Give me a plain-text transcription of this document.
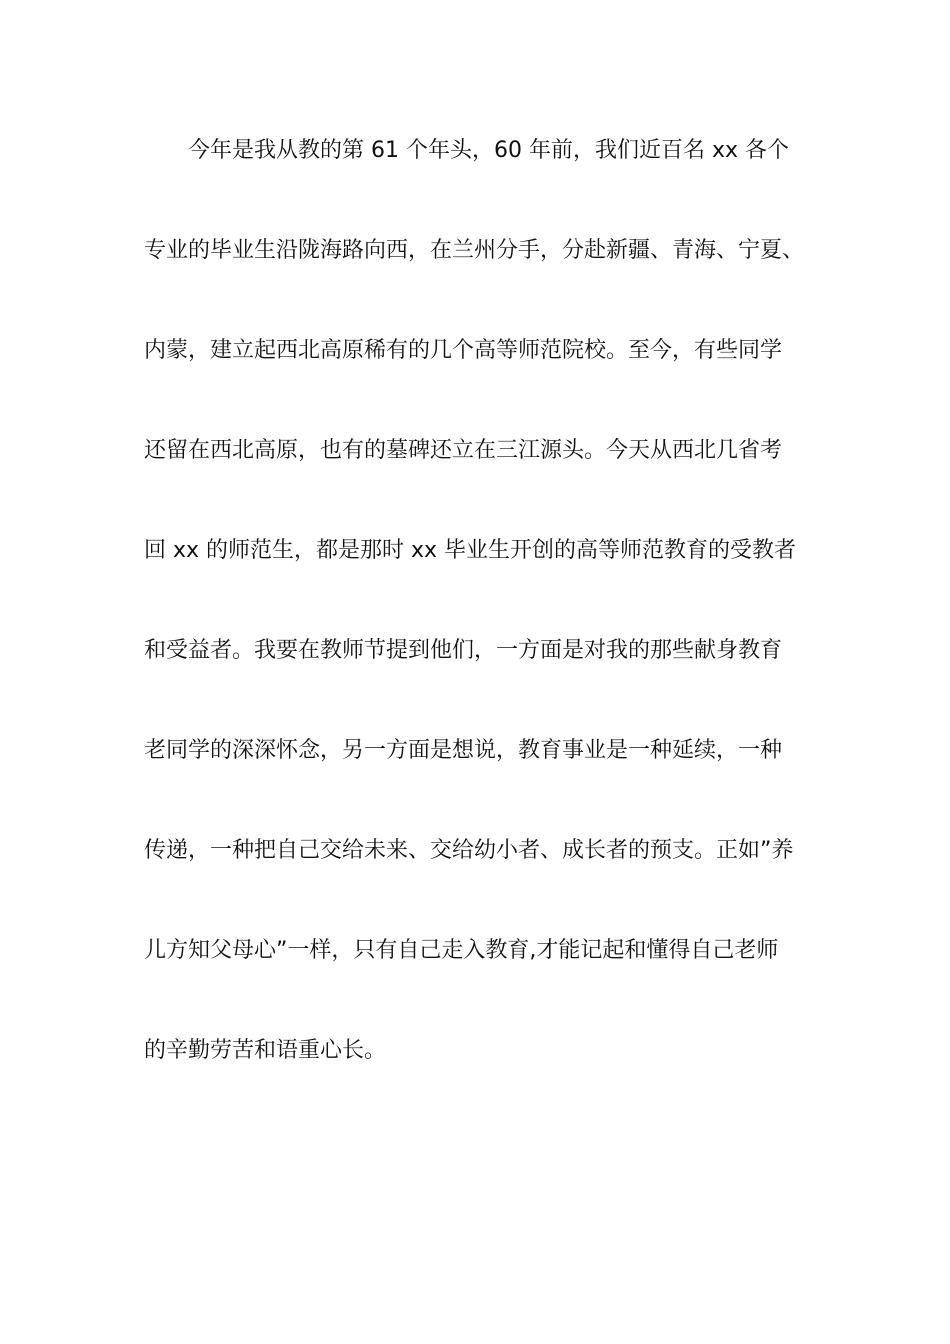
今年是我从教的第 61 个年头，60 年前，我们近百名 xx 各个
专业的毕业生沿陇海路向西，在兰州分手，分赴新疆、青海、宁夏、
内蒙，建立起西北高原稀有的几个高等师范院校。至今，有些同学
还留在西北高原，也有的墓碑还立在三江源头。今天从西北几省考
回 xx 的师范生，都是那时 xx 毕业生开创的高等师范教育的受教者
和受益者。我要在教师节提到他们，一方面是对我的那些献身教育
老同学的深深怀念，另一方面是想说，教育事业是一种延续，一种
传递，一种把自己交给未来、交给幼小者、成长者的预支。正如”养
儿方知父母心”一样，只有自己走入教育,才能记起和懂得自己老师
的辛勤劳苦和语重心长。
